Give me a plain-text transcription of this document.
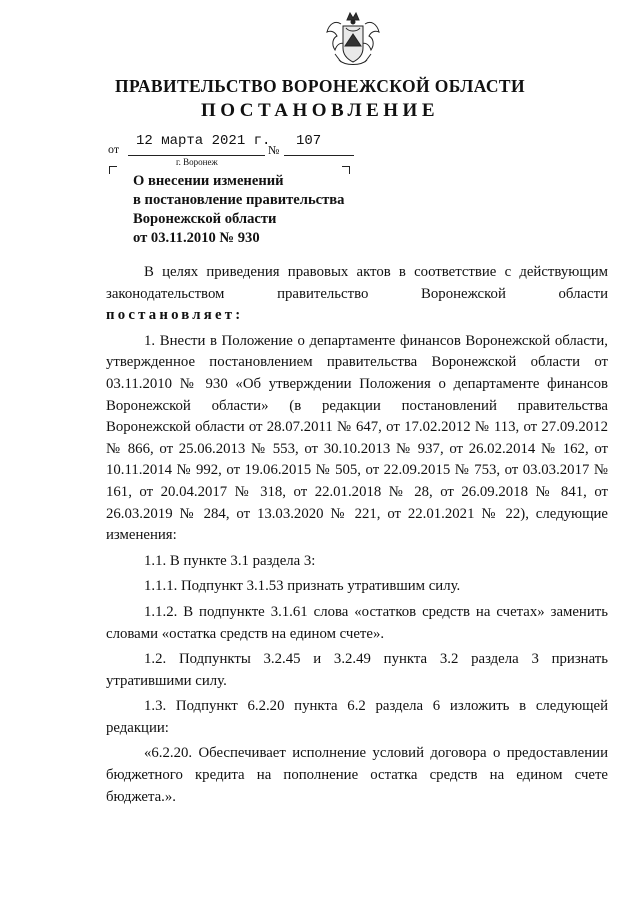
ПРАВИТЕЛЬСТВО ВОРОНЕЖСКОЙ ОБЛАСТИ
ПОСТАНОВЛЕНИЕ
от 12 марта 2021 г.
№
107
г. Воронеж
О внесении изменений
в постановление правительства
Воронежской области
от 03.11.2010 № 930

В целях приведения правовых актов в соответствие с действующим

законодательством правительство Воронежской области

постановляет:

1. Внести в Положение о департаменте финансов Воронежской области, утвержденное постановлением правительства Воронежской области от 03.11.2010 № 930 «Об утверждении Положения о департаменте финансов Воронежской области» (в редакции постановлений правительства Воронежской области от 28.07.2011 № 647, от 17.02.2012 № 113, от 27.09.2012 № 866, от 25.06.2013 № 553, от 30.10.2013 № 937, от 26.02.2014 № 162, от 10.11.2014 № 992, от 19.06.2015 № 505, от 22.09.2015 № 753, от 03.03.2017 № 161, от 20.04.2017 № 318, от 22.01.2018 № 28, от 26.09.2018 № 841, от 26.03.2019 № 284, от 13.03.2020 № 221, от 22.01.2021 № 22), следующие изменения:

1.1. В пункте 3.1 раздела 3:

1.1.1. Подпункт 3.1.53 признать утратившим силу.

1.1.2. В подпункте 3.1.61 слова «остатков средств на счетах» заменить словами «остатка средств на едином счете».

1.2. Подпункты 3.2.45 и 3.2.49 пункта 3.2 раздела 3 признать утратившими силу.

1.3. Подпункт 6.2.20 пункта 6.2 раздела 6 изложить в следующей редакции:

«6.2.20. Обеспечивает исполнение условий договора о предоставлении бюджетного кредита на пополнение остатка средств на едином счете бюджета.».
